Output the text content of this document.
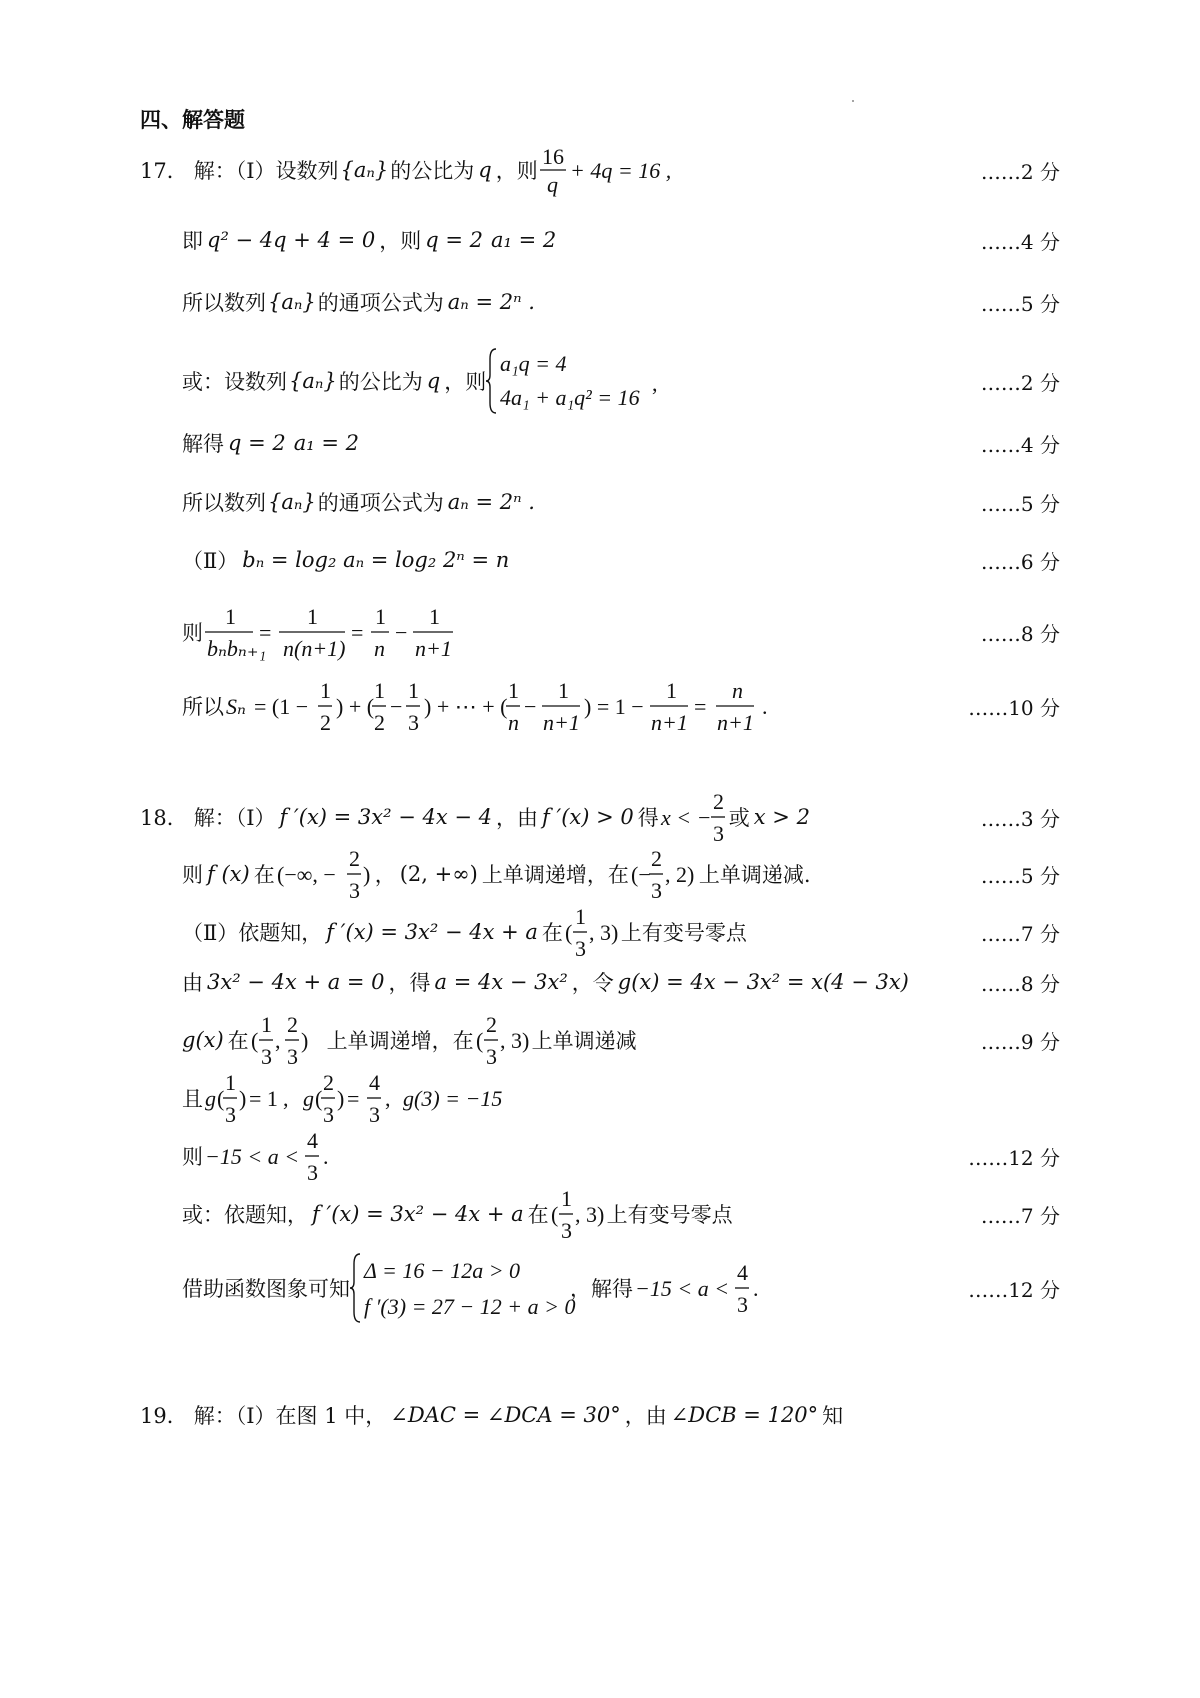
四、解答题
17． 解：（Ⅰ）设数列 {aₙ} 的公比为 q ，则
16
q
+ 4q = 16 ,	……2 分
即 q² − 4q + 4 = 0 ，则 q = 2 a₁ = 2	……4 分
所以数列 {aₙ} 的通项公式为 aₙ = 2ⁿ .	……5 分
或：设数列 {aₙ} 的公比为 q ，则
a₁q = 4
4a₁ + a₁q² = 16
,	……2 分
解得 q = 2 a₁ = 2	……4 分
所以数列 {aₙ} 的通项公式为 aₙ = 2ⁿ .	……5 分
（Ⅱ） bₙ = log₂ aₙ = log₂ 2ⁿ = n	……6 分
则
1
bₙbₙ₊₁
=
1
n(n+1)
=
1
n
−
1
n+1
……8 分
所以 Sₙ = (1 −
1
2
) + (
1
2
−
1
3
) + ⋯ + (
1
n
−
1
n+1
) = 1 −
1
n+1
=
n
n+1
.	……10 分
18． 解：（Ⅰ） f ′(x) = 3x² − 4x − 4 ，由 f ′(x) > 0 得 x < −
2
3
或 x > 2	……3 分
则 f (x) 在 (−∞, −
2
3
) ， (2, +∞) 上单调递增，在 (−
2
3
, 2) 上单调递减.	……5 分
（Ⅱ）依题知， f ′(x) = 3x² − 4x + a 在 (
1
3
, 3) 上有变号零点	……7 分
由 3x² − 4x + a = 0 ，得 a = 4x − 3x² ，令 g(x) = 4x − 3x² = x(4 − 3x)	……8 分
g(x) 在 (
1
3
,
2
3
) 上单调递增，在 (
2
3
, 3) 上单调递减	……9 分
且 g (
1
3
) = 1 , g (
2
3
) =
4
3
, g(3) = −15
则 −15 < a <
4
3
.	……12 分
或：依题知， f ′(x) = 3x² − 4x + a 在 (
1
3
, 3) 上有变号零点	……7 分
借助函数图象可知
Δ = 16 − 12a > 0
f ′(3) = 27 − 12 + a > 0
，解得 −15 < a <
4
3
.	……12 分
19． 解：（Ⅰ）在图 1 中， ∠DAC = ∠DCA = 30° ，由 ∠DCB = 120° 知
